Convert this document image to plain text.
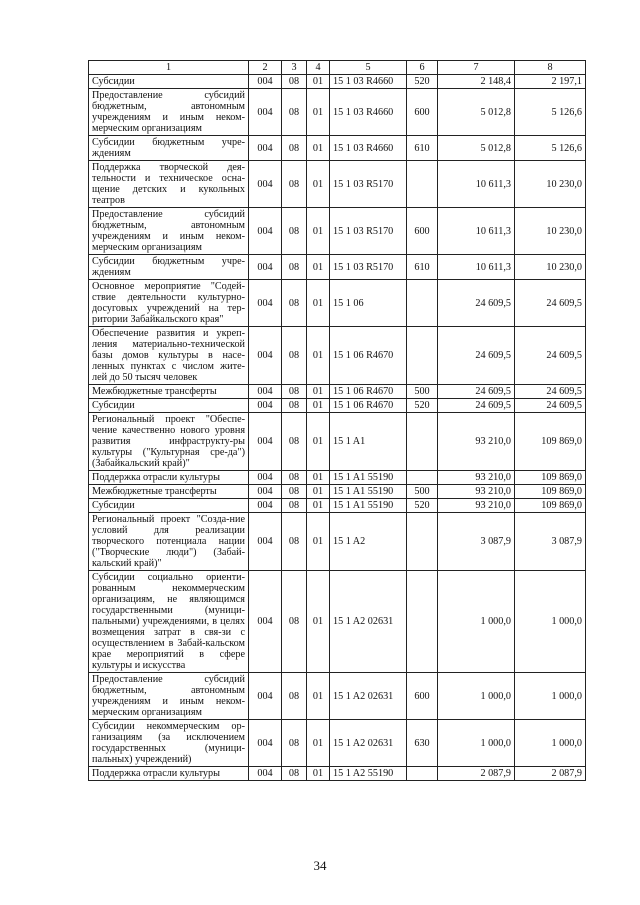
1	2	3	4	5	6	7	8
Субсидии	004	08	01	15 1 03 R4660	520	2 148,4	2 197,1
Предоставление субсидий бюджетным, автономным учреждениям и иным неком-мерческим организациям	004	08	01	15 1 03 R4660	600	5 012,8	5 126,6
Субсидии бюджетным учре-ждениям	004	08	01	15 1 03 R4660	610	5 012,8	5 126,6
Поддержка творческой дея-тельности и техническое осна-щение детских и кукольных театров	004	08	01	15 1 03 R5170		10 611,3	10 230,0
Предоставление субсидий бюджетным, автономным учреждениям и иным неком-мерческим организациям	004	08	01	15 1 03 R5170	600	10 611,3	10 230,0
Субсидии бюджетным учре-ждениям	004	08	01	15 1 03 R5170	610	10 611,3	10 230,0
Основное мероприятие "Содей-ствие деятельности культурно-досуговых учреждений на тер-ритории Забайкальского края"	004	08	01	15 1 06		24 609,5	24 609,5
Обеспечение развития и укреп-ления материально-технической базы домов культуры в насе-ленных пунктах с числом жите-лей до 50 тысяч человек	004	08	01	15 1 06 R4670		24 609,5	24 609,5
Межбюджетные трансферты	004	08	01	15 1 06 R4670	500	24 609,5	24 609,5
Субсидии	004	08	01	15 1 06 R4670	520	24 609,5	24 609,5
Региональный проект "Обеспе-чение качественно нового уровня развития инфраструкту-ры культуры ("Культурная сре-да") (Забайкальский край)"	004	08	01	15 1 A1		93 210,0	109 869,0
Поддержка отрасли культуры	004	08	01	15 1 A1 55190		93 210,0	109 869,0
Межбюджетные трансферты	004	08	01	15 1 A1 55190	500	93 210,0	109 869,0
Субсидии	004	08	01	15 1 A1 55190	520	93 210,0	109 869,0
Региональный проект "Созда-ние условий для реализации творческого потенциала нации ("Творческие люди") (Забай-кальский край)"	004	08	01	15 1 A2		3 087,9	3 087,9
Субсидии социально ориенти-рованным некоммерческим организациям, не являющимся государственными (муници-пальными) учреждениями, в целях возмещения затрат в свя-зи с осуществлением в Забай-кальском крае мероприятий в сфере культуры и искусства	004	08	01	15 1 A2 02631		1 000,0	1 000,0
Предоставление субсидий бюджетным, автономным учреждениям и иным неком-мерческим организациям	004	08	01	15 1 A2 02631	600	1 000,0	1 000,0
Субсидии некоммерческим ор-ганизациям (за исключением государственных (муници-пальных) учреждений)	004	08	01	15 1 A2 02631	630	1 000,0	1 000,0
Поддержка отрасли культуры	004	08	01	15 1 A2 55190		2 087,9	2 087,9
34
